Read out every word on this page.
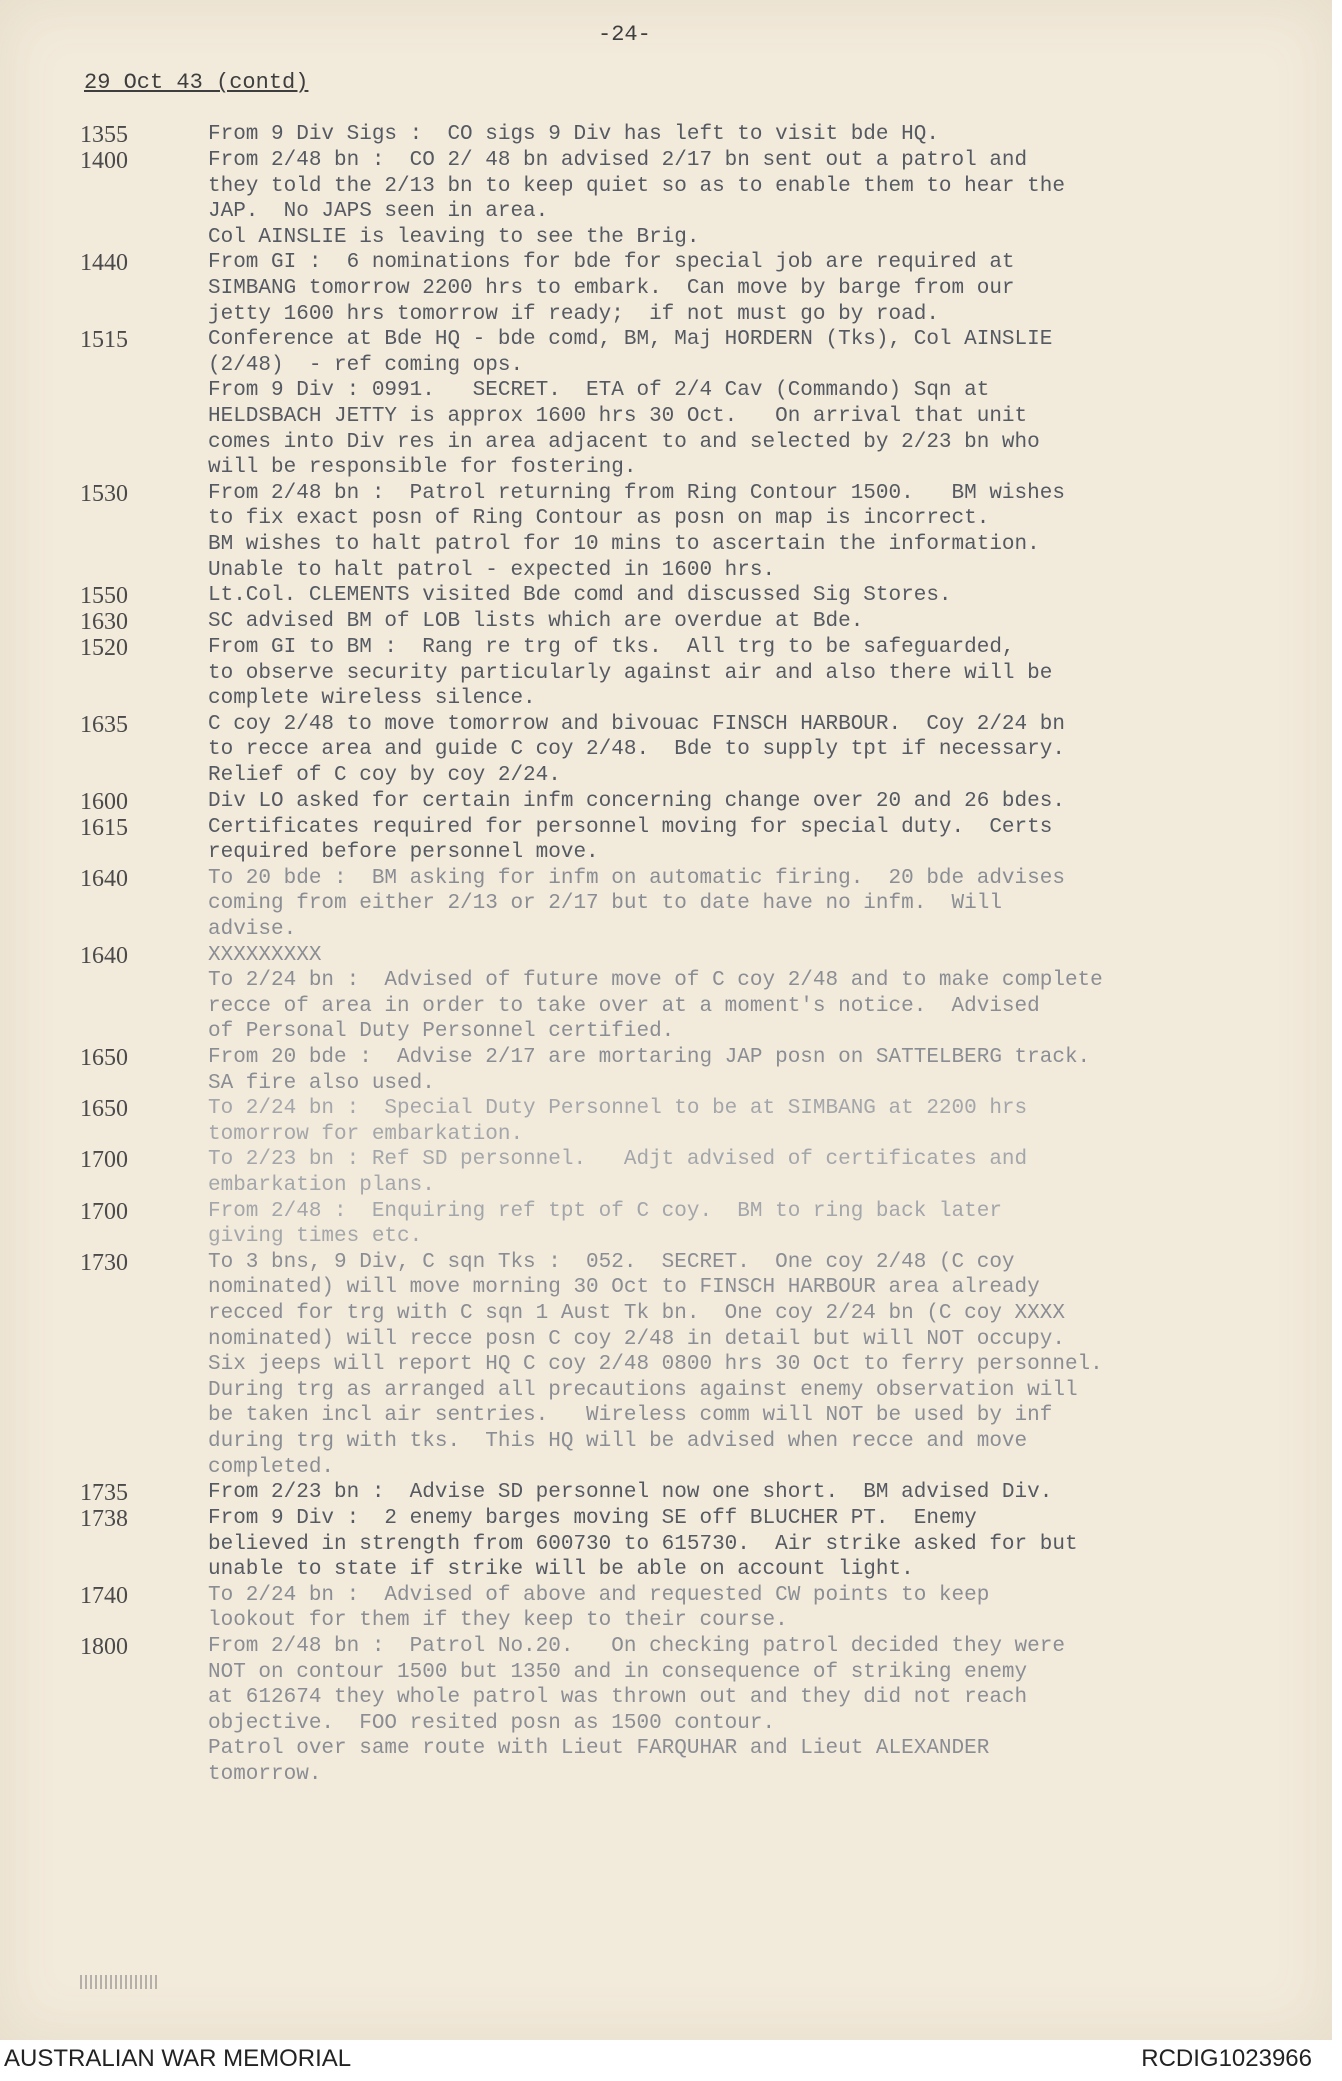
-24-
29 Oct 43 (contd)
1355	From 9 Div Sigs :  CO sigs 9 Div has left to visit bde HQ.
1400	From 2/48 bn :  CO 2/ 48 bn advised 2/17 bn sent out a patrol and
they told the 2/13 bn to keep quiet so as to enable them to hear the
JAP.  No JAPS seen in area.
Col AINSLIE is leaving to see the Brig.
1440	From GI :  6 nominations for bde for special job are required at
SIMBANG tomorrow 2200 hrs to embark.  Can move by barge from our
jetty 1600 hrs tomorrow if ready;  if not must go by road.
1515	Conference at Bde HQ - bde comd, BM, Maj HORDERN (Tks), Col AINSLIE
(2/48)  - ref coming ops.
From 9 Div : 0991.   SECRET.  ETA of 2/4 Cav (Commando) Sqn at
HELDSBACH JETTY is approx 1600 hrs 30 Oct.   On arrival that unit
comes into Div res in area adjacent to and selected by 2/23 bn who
will be responsible for fostering.
1530	From 2/48 bn :  Patrol returning from Ring Contour 1500.   BM wishes
to fix exact posn of Ring Contour as posn on map is incorrect.
BM wishes to halt patrol for 10 mins to ascertain the information.
Unable to halt patrol - expected in 1600 hrs.
1550	Lt.Col. CLEMENTS visited Bde comd and discussed Sig Stores.
1630	SC advised BM of LOB lists which are overdue at Bde.
1520	From GI to BM :  Rang re trg of tks.  All trg to be safeguarded,
to observe security particularly against air and also there will be
complete wireless silence.
1635	C coy 2/48 to move tomorrow and bivouac FINSCH HARBOUR.  Coy 2/24 bn
to recce area and guide C coy 2/48.  Bde to supply tpt if necessary.
Relief of C coy by coy 2/24.
1600	Div LO asked for certain infm concerning change over 20 and 26 bdes.
1615	Certificates required for personnel moving for special duty.  Certs
required before personnel move.
1640	To 20 bde :  BM asking for infm on automatic firing.  20 bde advises
coming from either 2/13 or 2/17 but to date have no infm.  Will
advise.
1640	XXXXXXXXX
To 2/24 bn :  Advised of future move of C coy 2/48 and to make complete
recce of area in order to take over at a moment's notice.  Advised
of Personal Duty Personnel certified.
1650	From 20 bde :  Advise 2/17 are mortaring JAP posn on SATTELBERG track.
SA fire also used.
1650	To 2/24 bn :  Special Duty Personnel to be at SIMBANG at 2200 hrs
tomorrow for embarkation.
1700	To 2/23 bn : Ref SD personnel.   Adjt advised of certificates and
embarkation plans.
1700	From 2/48 :  Enquiring ref tpt of C coy.  BM to ring back later
giving times etc.
1730	To 3 bns, 9 Div, C sqn Tks :  052.  SECRET.  One coy 2/48 (C coy
nominated) will move morning 30 Oct to FINSCH HARBOUR area already
recced for trg with C sqn 1 Aust Tk bn.  One coy 2/24 bn (C coy XXXX
nominated) will recce posn C coy 2/48 in detail but will NOT occupy.
Six jeeps will report HQ C coy 2/48 0800 hrs 30 Oct to ferry personnel.
During trg as arranged all precautions against enemy observation will
be taken incl air sentries.   Wireless comm will NOT be used by inf
during trg with tks.  This HQ will be advised when recce and move
completed.
1735	From 2/23 bn :  Advise SD personnel now one short.  BM advised Div.
1738	From 9 Div :  2 enemy barges moving SE off BLUCHER PT.  Enemy
believed in strength from 600730 to 615730.  Air strike asked for but
unable to state if strike will be able on account light.
1740	To 2/24 bn :  Advised of above and requested CW points to keep
lookout for them if they keep to their course.
1800	From 2/48 bn :  Patrol No.20.   On checking patrol decided they were
NOT on contour 1500 but 1350 and in consequence of striking enemy
at 612674 they whole patrol was thrown out and they did not reach
objective.  FOO resited posn as 1500 contour.
Patrol over same route with Lieut FARQUHAR and Lieut ALEXANDER
tomorrow.
AUSTRALIAN WAR MEMORIAL	RCDIG1023966
